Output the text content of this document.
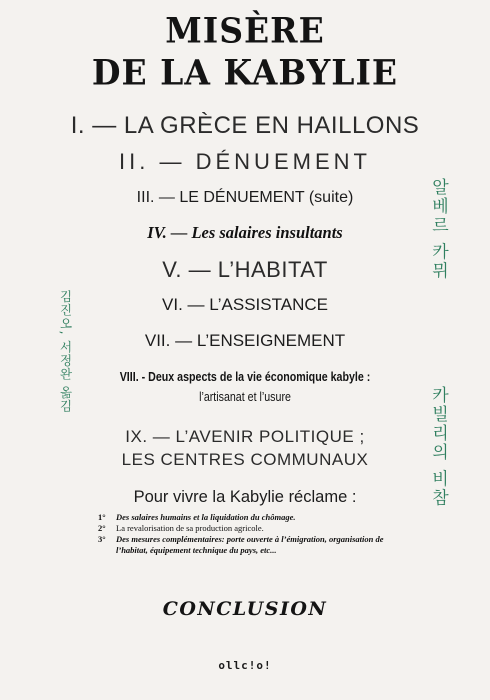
MISÈRE
DE LA KABYLIE
I. — LA GRÈCE EN HAILLONS
II. — DÉNUEMENT
III. — LE DÉNUEMENT (suite)
IV. — Les salaires insultants
V. — L’HABITAT
VI. — L’ASSISTANCE
VII. — L’ENSEIGNEMENT
VIII. - Deux aspects de la vie économique kabyle :
l’artisanat et l’usure
IX. — L’AVENIR POLITIQUE ;
LES CENTRES COMMUNAUX
Pour vivre la Kabylie réclame :

1° Des salaires humains et la liquidation du chômage.

2° La revalorisation de sa production agricole.

3° Des mesures complémentaires: porte ouverte à l’émigration, organisation de l’habitat, équipement technique du pays, etc...

CONCLUSION
김진오, 서정완 옮김
알베르 카뮈
카빌리의 비참
ollc!o!
